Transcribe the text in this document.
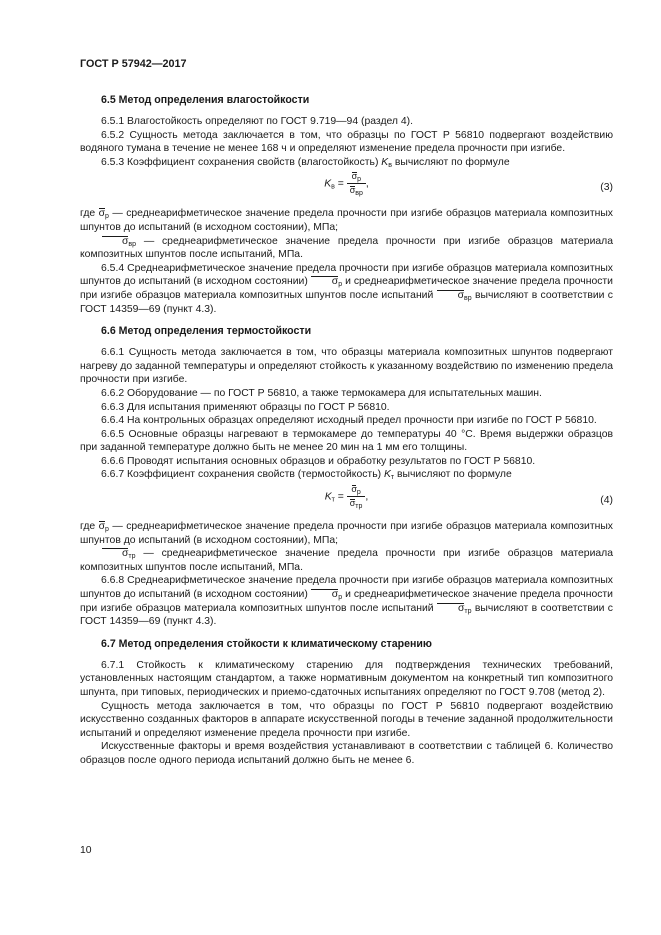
ГОСТ Р 57942—2017
6.5 Метод определения влагостойкости

6.5.1 Влагостойкость определяют по ГОСТ 9.719—94 (раздел 4).

6.5.2 Сущность метода заключается в том, что образцы по ГОСТ Р 56810 подвергают воздействию водяного тумана в течение не менее 168 ч и определяют изменение предела прочности при изгибе.

6.5.3 Коэффициент сохранения свойств (влагостойкость) $K_в$ вычисляют по формуле

$K_в = \frac{\sigma_р}{\sigma_{вр}}$ ,	(3)

где $\sigma_р$ — среднеарифметическое значение предела прочности при изгибе образцов материала композитных шпунтов до испытаний (в исходном состоянии), МПа;

$\sigma_{вр}$ — среднеарифметическое значение предела прочности при изгибе образцов материала композитных шпунтов после испытаний, МПа.

6.5.4 Среднеарифметическое значение предела прочности при изгибе образцов материала композитных шпунтов до испытаний (в исходном состоянии) $\sigma_р$ и среднеарифметическое значение предела прочности при изгибе образцов материала композитных шпунтов после испытаний $\sigma_{вр}$ вычисляют в соответствии с ГОСТ 14359—69 (пункт 4.3).

6.6 Метод определения термостойкости

6.6.1 Сущность метода заключается в том, что образцы материала композитных шпунтов подвергают нагреву до заданной температуры и определяют стойкость к указанному воздействию по изменению предела прочности при изгибе.

6.6.2 Оборудование — по ГОСТ Р 56810, а также термокамера для испытательных машин.

6.6.3 Для испытания применяют образцы по ГОСТ Р 56810.

6.6.4 На контрольных образцах определяют исходный предел прочности при изгибе по ГОСТ Р 56810.

6.6.5 Основные образцы нагревают в термокамере до температуры 40 °С. Время выдержки образцов при заданной температуре должно быть не менее 20 мин на 1 мм его толщины.

6.6.6 Проводят испытания основных образцов и обработку результатов по ГОСТ Р 56810.

6.6.7 Коэффициент сохранения свойств (термостойкость) $K_т$ вычисляют по формуле

$K_т = \frac{\sigma_р}{\sigma_{тр}}$ ,	(4)

где $\sigma_р$ — среднеарифметическое значение предела прочности при изгибе образцов материала композитных шпунтов до испытаний (в исходном состоянии), МПа;

$\sigma_{тр}$ — среднеарифметическое значение предела прочности при изгибе образцов материала композитных шпунтов после испытаний, МПа.

6.6.8 Среднеарифметическое значение предела прочности при изгибе образцов материала композитных шпунтов до испытаний (в исходном состоянии) $\sigma_р$ и среднеарифметическое значение предела прочности при изгибе образцов материала композитных шпунтов после испытаний $\sigma_{тр}$ вычисляют в соответствии с ГОСТ 14359—69 (пункт 4.3).

6.7 Метод определения стойкости к климатическому старению

6.7.1 Стойкость к климатическому старению для подтверждения технических требований, установленных настоящим стандартом, а также нормативным документом на конкретный тип композитного шпунта, при типовых, периодических и приемо-сдаточных испытаниях определяют по ГОСТ 9.708 (метод 2).

Сущность метода заключается в том, что образцы по ГОСТ Р 56810 подвергают воздействию искусственно созданных факторов в аппарате искусственной погоды в течение заданной продолжительности испытаний и определяют изменение предела прочности при изгибе.

Искусственные факторы и время воздействия устанавливают в соответствии с таблицей 6. Количество образцов после одного периода испытаний должно быть не менее 6.

10
